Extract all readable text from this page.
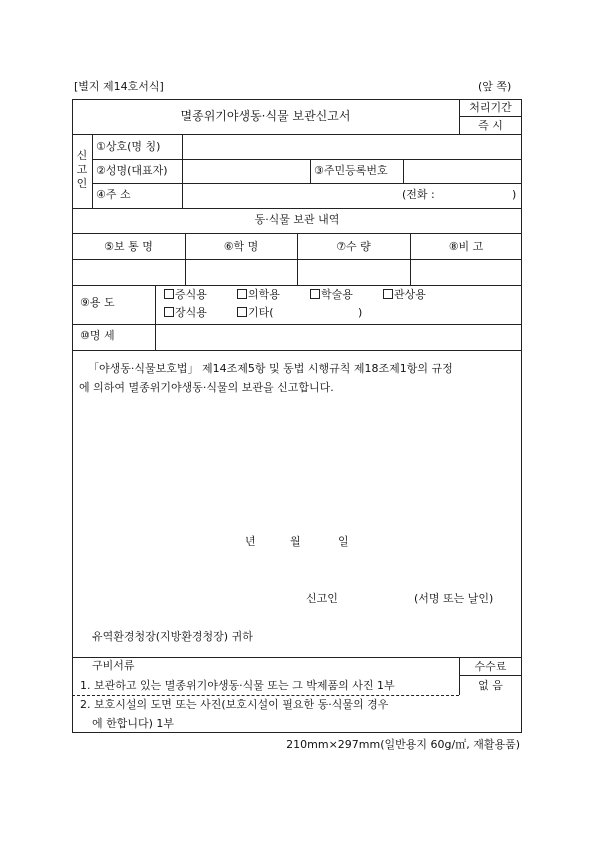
[별지 제14호서식]	(앞 쪽)
멸종위기야생동·식물 보관신고서
처리기간
즉 시
신
고
인
①상호(명 칭)
②성명(대표자)	③주민등록번호
④주 소	(전화 :	)
동·식물 보관 내역
⑤보 통 명	⑥학 명	⑦수 량	⑧비 고
⑨용 도
증식용	의학용	학술용	관상용
장식용	기타(	)
⑩명 세
「야생동·식물보호법」 제14조제5항 및 동법 시행규칙 제18조제1항의 규정
에 의하여 멸종위기야생동·식물의 보관을 신고합니다.
년	월	일
신고인	(서명 또는 날인)
유역환경청장(지방환경청장) 귀하
구비서류
1. 보관하고 있는 멸종위기야생동·식물 또는 그 박제품의 사진 1부
2. 보호시설의 도면 또는 사진(보호시설이 필요한 동·식물의 경우
에 한합니다) 1부
수수료
없 음
210mm×297mm(일반용지 60g/㎡, 재활용품)
